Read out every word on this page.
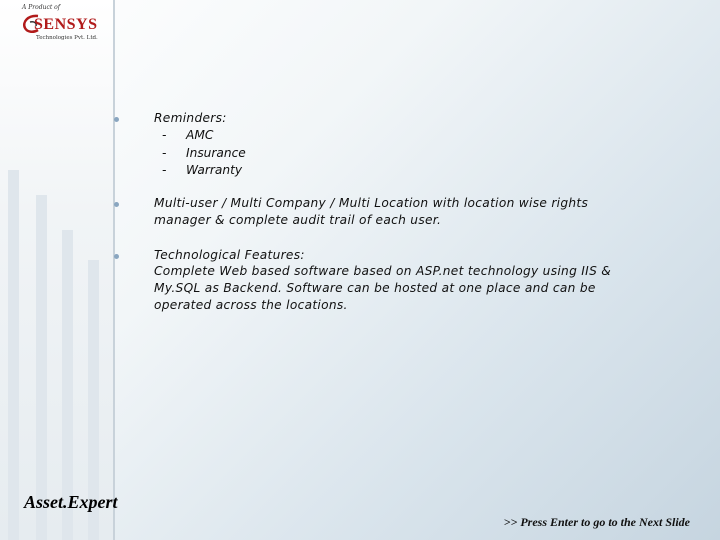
A Product of
SENSYS
Technologies Pvt. Ltd.
Reminders:
- AMC
- Insurance
- Warranty
Multi-user / Multi Company / Multi Location with location wise rights
manager & complete audit trail of each user.
Technological Features:
Complete Web based software based on ASP.net technology using IIS &
My.SQL as Backend. Software can be hosted at one place and can be
operated across the locations.
Asset.Expert
>> Press Enter to go to the Next Slide
